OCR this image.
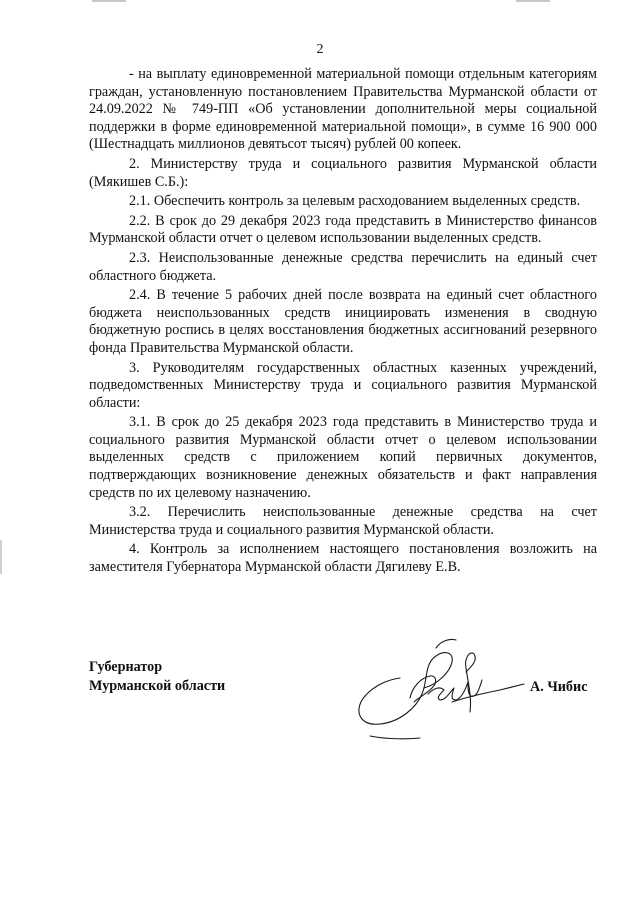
2

- на выплату единовременной материальной помощи отдельным категориям граждан, установленную постановлением Правительства Мурманской области от 24.09.2022 № 749-ПП «Об установлении дополнительной меры социальной поддержки в форме единовременной материальной помощи», в сумме 16 900 000 (Шестнадцать миллионов девятьсот тысяч) рублей 00 копеек.

2. Министерству труда и социального развития Мурманской области (Мякишев С.Б.):

2.1. Обеспечить контроль за целевым расходованием выделенных средств.

2.2. В срок до 29 декабря 2023 года представить в Министерство финансов Мурманской области отчет о целевом использовании выделенных средств.

2.3. Неиспользованные денежные средства перечислить на единый счет областного бюджета.

2.4. В течение 5 рабочих дней после возврата на единый счет областного бюджета неиспользованных средств инициировать изменения в сводную бюджетную роспись в целях восстановления бюджетных ассигнований резервного фонда Правительства Мурманской области.

3. Руководителям государственных областных казенных учреждений, подведомственных Министерству труда и социального развития Мурманской области:

3.1. В срок до 25 декабря 2023 года представить в Министерство труда и социального развития Мурманской области отчет о целевом использовании выделенных средств с приложением копий первичных документов, подтверждающих возникновение денежных обязательств и факт направления средств по их целевому назначению.

3.2. Перечислить неиспользованные денежные средства на счет Министерства труда и социального развития Мурманской области.

4. Контроль за исполнением настоящего постановления возложить на заместителя Губернатора Мурманской области Дягилеву Е.В.

Губернатор
Мурманской области	А. Чибис
